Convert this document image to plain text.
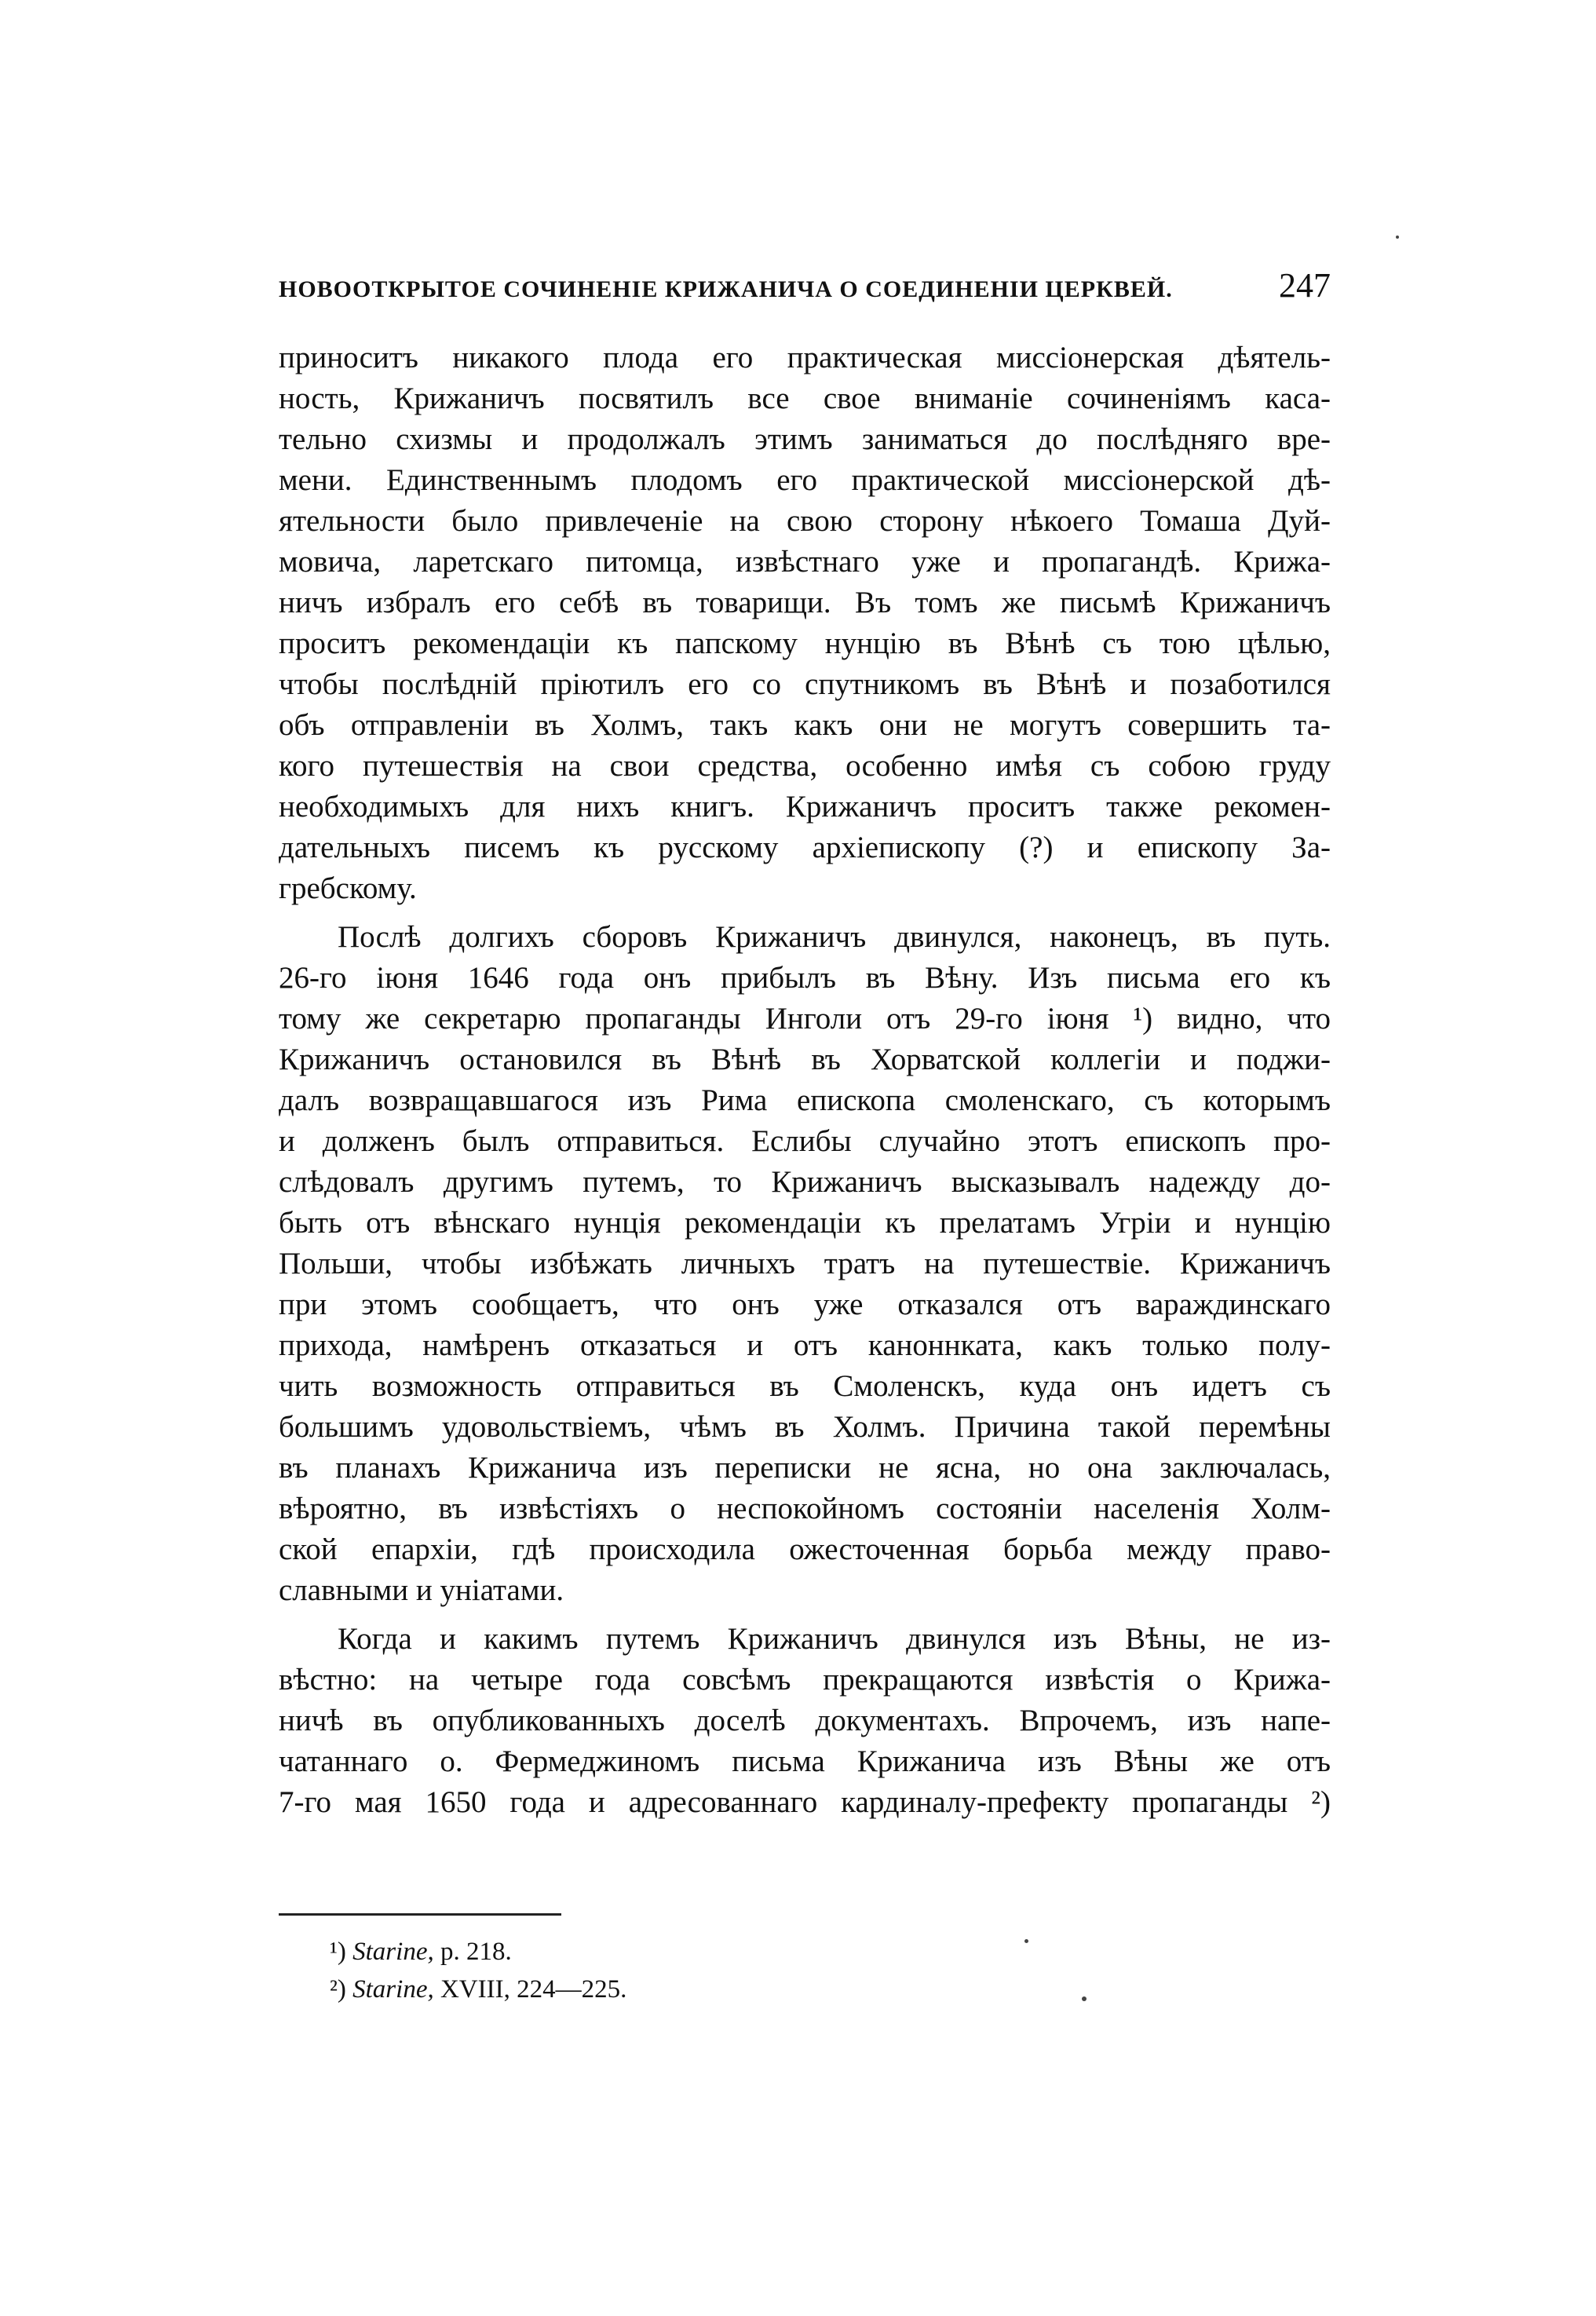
НОВООТКРЫТОЕ СОЧИНЕНІЕ КРИЖАНИЧА О СОЕДИНЕНІИ ЦЕРКВЕЙ.	247
приноситъ никакого плода его практическая миссіонерская дѣятель-
ность, Крижаничъ посвятилъ все свое вниманіе сочиненіямъ каса-
тельно схизмы и продолжалъ этимъ заниматься до послѣдняго вре-
мени. Единственнымъ плодомъ его практической миссіонерской дѣ-
ятельности было привлеченіе на свою сторону нѣкоего Томаша Дуй-
мовича, ларетскаго питомца, извѣстнаго уже и пропагандѣ. Крижа-
ничъ избралъ его себѣ въ товарищи. Въ томъ же письмѣ Крижаничъ
проситъ рекомендаціи къ папскому нунцію въ Вѣнѣ съ тою цѣлью,
чтобы послѣдній пріютилъ его со спутникомъ въ Вѣнѣ и позаботился
объ отправленіи въ Холмъ, такъ какъ они не могутъ совершить та-
кого путешествія на свои средства, особенно имѣя съ собою груду
необходимыхъ для нихъ книгъ. Крижаничъ проситъ также рекомен-
дательныхъ писемъ къ русскому архіепископу (?) и епископу За-
гребскому.
Послѣ долгихъ сборовъ Крижаничъ двинулся, наконецъ, въ путь.
26-го іюня 1646 года онъ прибылъ въ Вѣну. Изъ письма его къ
тому же секретарю пропаганды Инголи отъ 29-го іюня ¹) видно, что
Крижаничъ остановился въ Вѣнѣ въ Хорватской коллегіи и поджи-
далъ возвращавшагося изъ Рима епископа смоленскаго, съ которымъ
и долженъ былъ отправиться. Еслибы случайно этотъ епископъ про-
слѣдовалъ другимъ путемъ, то Крижаничъ высказывалъ надежду до-
быть отъ вѣнскаго нунція рекомендаціи къ прелатамъ Угріи и нунцію
Польши, чтобы избѣжать личныхъ тратъ на путешествіе. Крижаничъ
при этомъ сообщаетъ, что онъ уже отказался отъ вараждинскаго
прихода, намѣренъ отказаться и отъ каноннката, какъ только полу-
чить возможность отправиться въ Смоленскъ, куда онъ идетъ съ
большимъ удовольствіемъ, чѣмъ въ Холмъ. Причина такой перемѣны
въ планахъ Крижанича изъ переписки не ясна, но она заключалась,
вѣроятно, въ извѣстіяхъ о неспокойномъ состояніи населенія Холм-
ской епархіи, гдѣ происходила ожесточенная борьба между право-
славными и уніатами.
Когда и какимъ путемъ Крижаничъ двинулся изъ Вѣны, не из-
вѣстно: на четыре года совсѣмъ прекращаются извѣстія о Крижа-
ничѣ въ опубликованныхъ доселѣ документахъ. Впрочемъ, изъ напе-
чатаннаго о. Фермеджиномъ письма Крижанича изъ Вѣны же отъ
7-го мая 1650 года и адресованнаго кардиналу-префекту пропаганды ²)
¹) Starine, p. 218.
²) Starine, XVIII, 224—225.
